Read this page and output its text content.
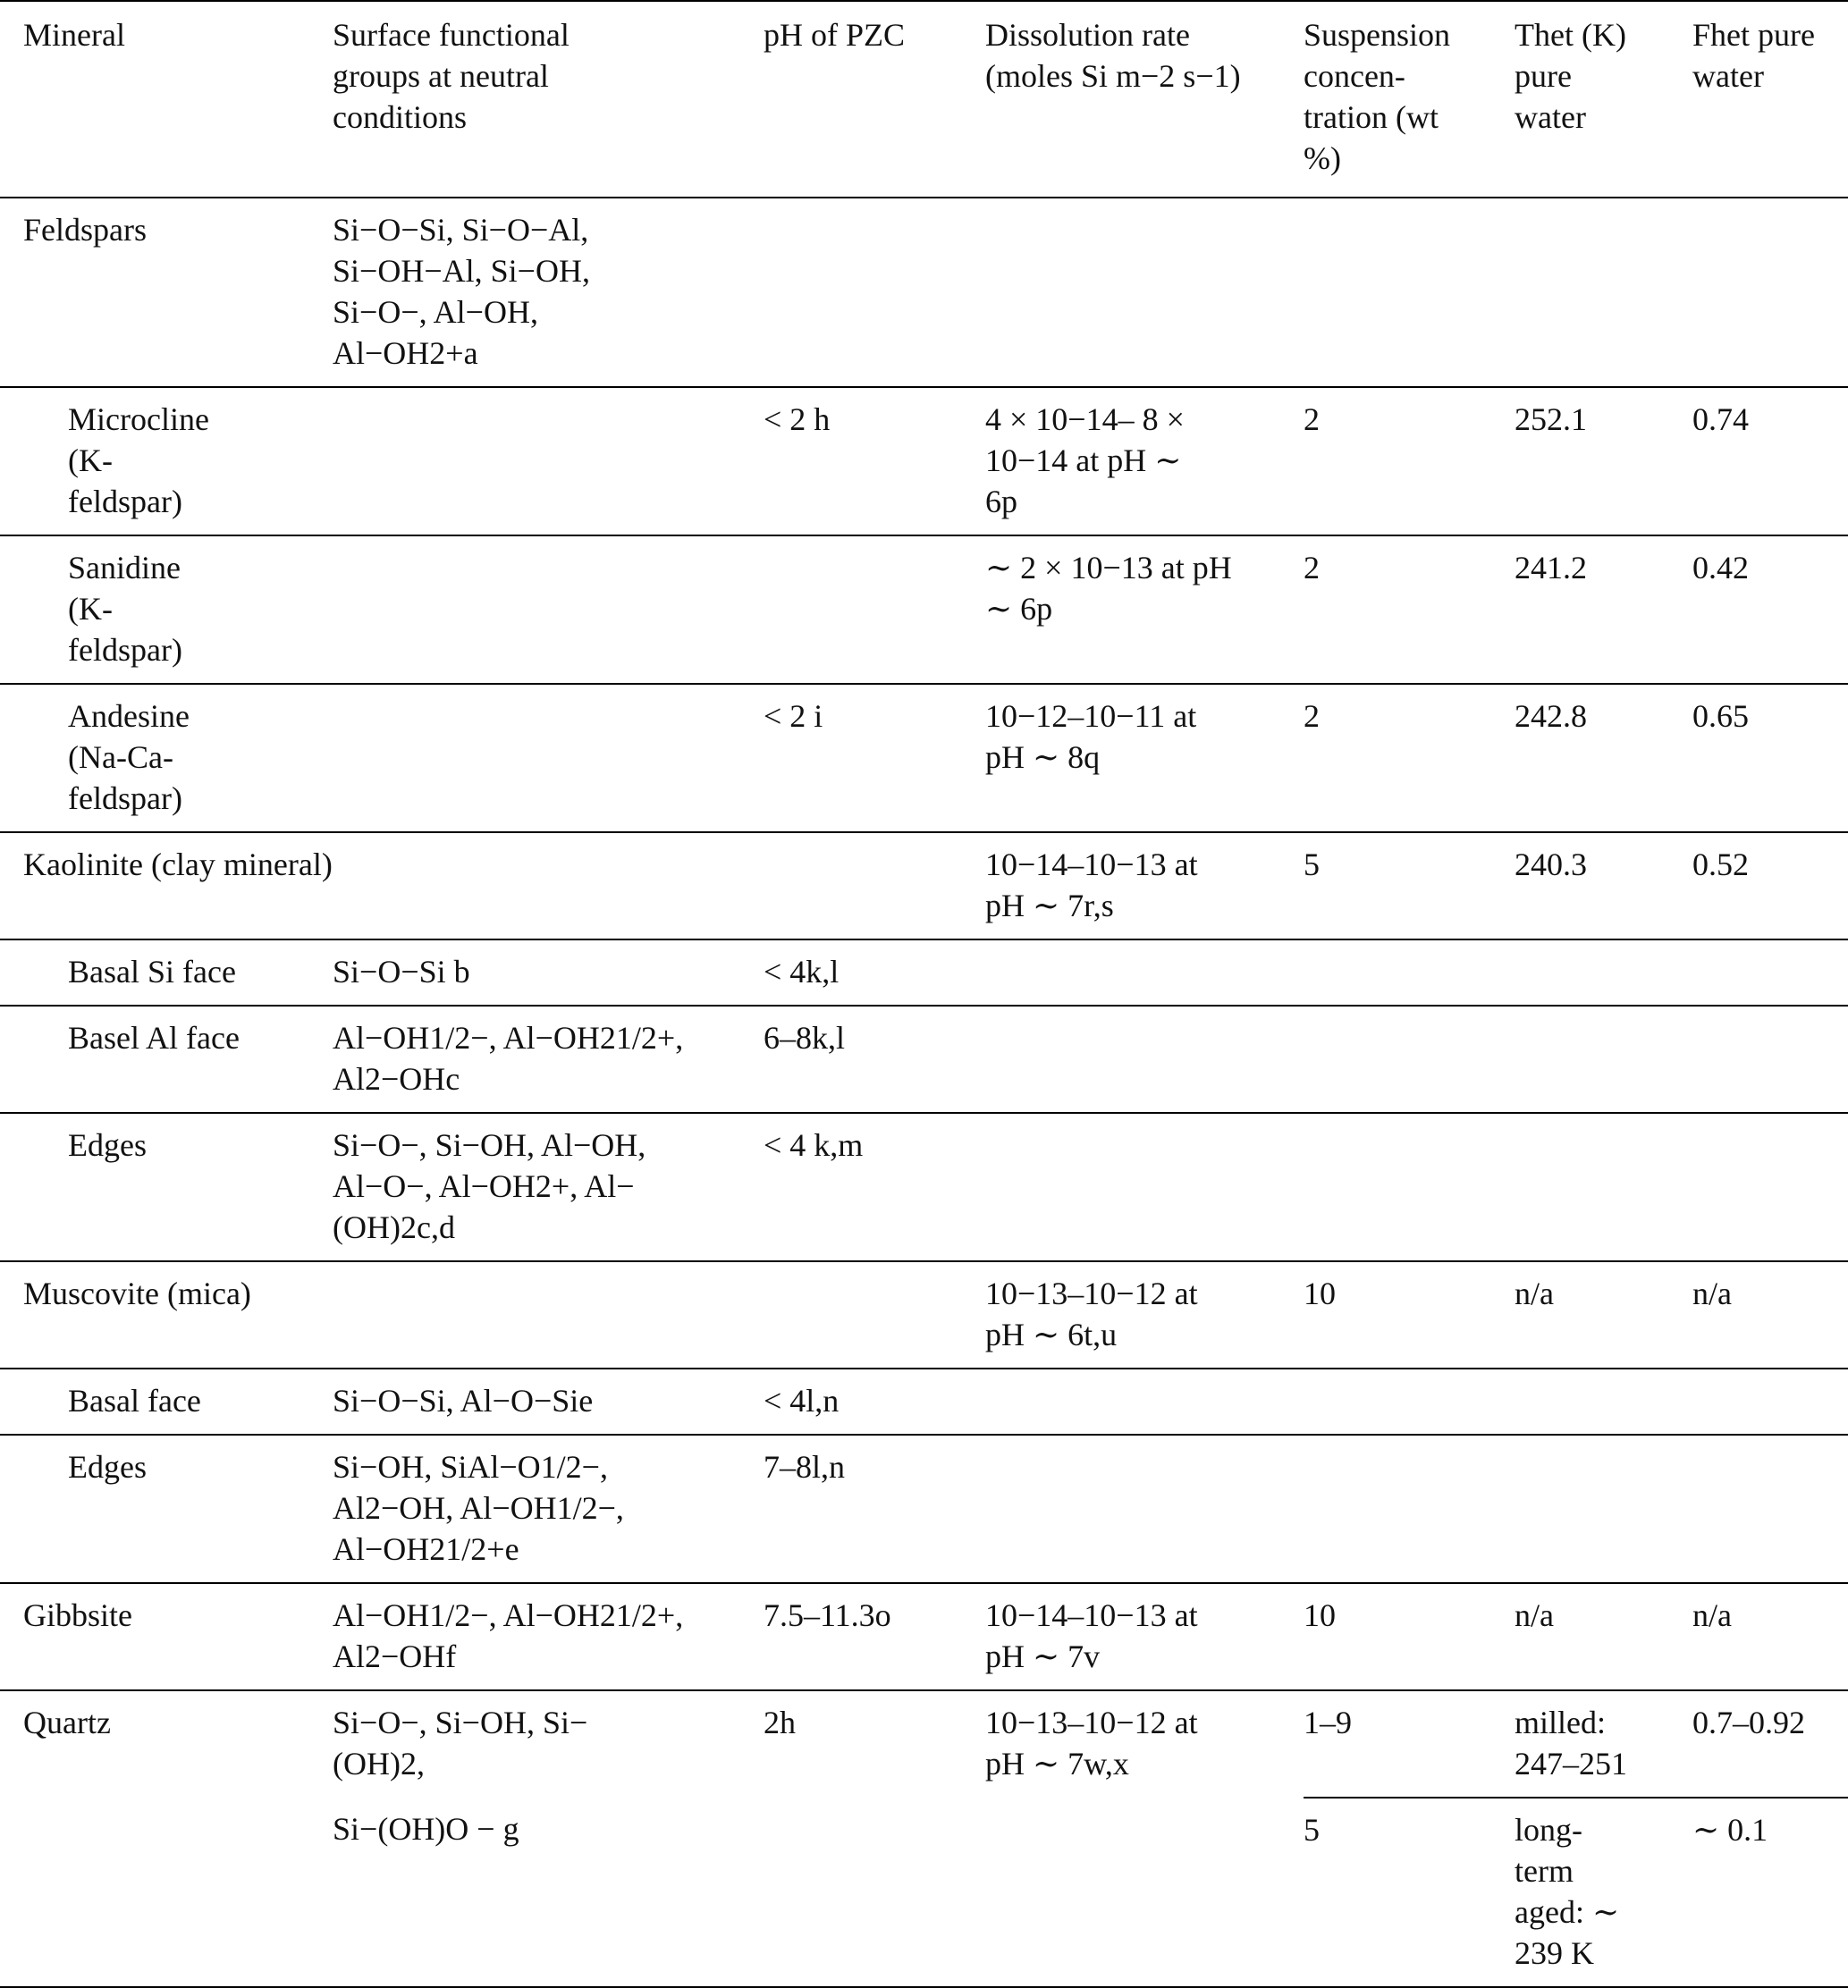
Mineral	Surface functional groups at neutral conditions	pH of PZC	Dissolution rate (moles Si m−2 s−1)	Suspension concen-tration (wt %)	Thet (K) pure water	Fhet pure water

Feldspars	Si−O−Si, Si−O−Al, Si−OH−Al, Si−OH, Si−O−, Al−OH, Al−OH2+a					
Microcline (K-feldspar)		< 2 h	4 × 10−14– 8 × 10−14 at pH ∼ 6p	2	252.1	0.74
Sanidine (K-feldspar)			∼ 2 × 10−13 at pH ∼ 6p	2	241.2	0.42
Andesine (Na-Ca-feldspar)		< 2 i	10−12–10−11 at pH ∼ 8q	2	242.8	0.65
Kaolinite (clay mineral)			10−14–10−13 at pH ∼ 7r,s	5	240.3	0.52
Basal Si face	Si−O−Si b	< 4k,l				
Basel Al face	Al−OH1/2−, Al−OH21/2+, Al2−OHc	6–8k,l				
Edges	Si−O−, Si−OH, Al−OH, Al−O−, Al−OH2+, Al−(OH)2c,d	< 4 k,m				
Muscovite (mica)			10−13–10−12 at pH ∼ 6t,u	10	n/a	n/a
Basal face	Si−O−Si, Al−O−Sie	< 4l,n				
Edges	Si−OH, SiAl−O1/2−, Al2−OH, Al−OH1/2−, Al−OH21/2+e	7–8l,n				
Gibbsite	Al−OH1/2−, Al−OH21/2+, Al2−OHf	7.5–11.3o	10−14–10−13 at pH ∼ 7v	10	n/a	n/a
Quartz	Si−O−, Si−OH, Si−(OH)2,	2h	10−13–10−12 at pH ∼ 7w,x	1–9	milled: 247–251	0.7–0.92
	Si−(OH)O − g			5	long-term aged: ∼ 239 K	∼ 0.1
